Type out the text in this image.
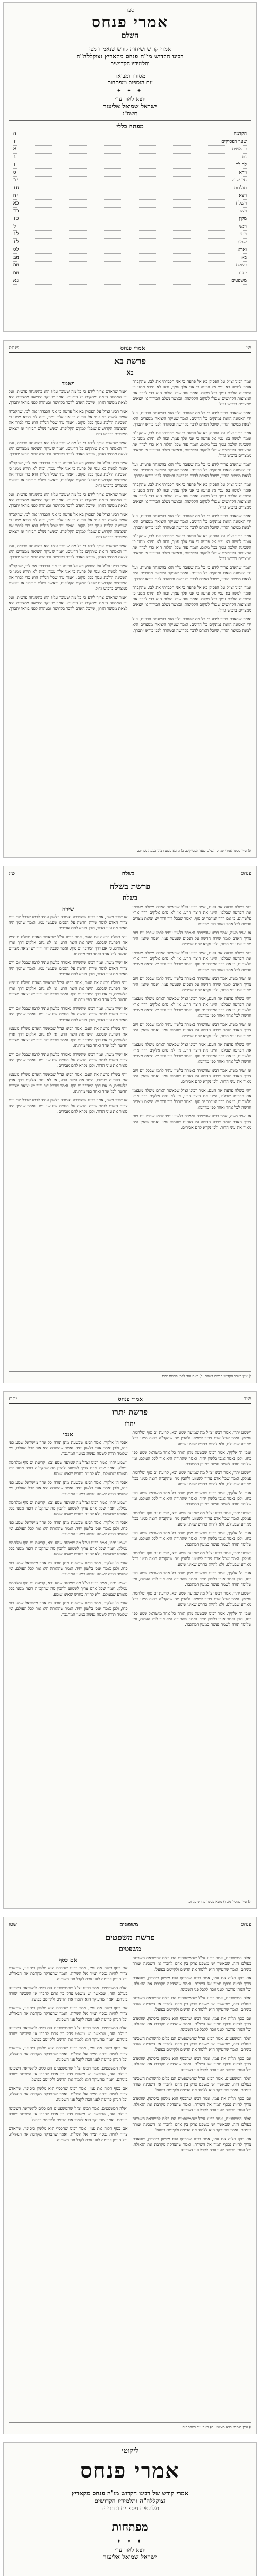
ספר
אמרי פנחס
השלם
אמרי קודש ושיחות קודש שנאמרו מפי
רבינו הקדוש מו"ה פנחס מקאריץ זצוקללה"ה
ותלמידיו הקדושים
מסודר ומבואר
עם הוספות ומפתחות
✦ ✦ ✦
יוצא לאור ע"י
ישראל שמואל אליעזר
תשס"ג
מפתח כללי
הקדמה
ה
שער הפסוקים
ז
בראשית
א
נח
ג
לך לך
ו
וירא
ט
חיי שרה
יב
תולדות
טו
ויצא
יח
וישלח
כא
וישב
כד
מקץ
כז
ויגש
ל
ויחי
לג
שמות
לו
וארא
לט
בא
מב
בשלח
מה
יתרו
מח
משפטים
נא
שי
אמרי פנחס
פנחס
פרשת בא
בא

אמר רבינו זצ"ל על הפסוק בא אל פרעה כי אני הכבדתי את לבו, שהקב"ה אומר למשה בא עמי אל פרעה כי אני אלך עמך, ובזה לא תירא ממנו כי השכינה הולכת עמך בכל מקום. ואמר עוד שכל הגלות הוא כדי לברר את הניצוצות הקדושים שנפלו למקום הקליפות, וכאשר נשלם הבירור אז יוצאים ממצרים ברכוש גדול.

ואמר שהאדם צריך לידע כי כל מה שעובר עליו הוא בהשגחה פרטית, ועל ידי האמונה הזאת נמתקים כל הדינים. ואמר שעיקר היציאה ממצרים היא לצאת ממיצר הגרון, שיוכל האדם לדבר בקדושה ובטהרה לפני בוראו יתברך.

אמר רבינו זצ"ל על הפסוק בא אל פרעה כי אני הכבדתי את לבו, שהקב"ה אומר למשה בא עמי אל פרעה כי אני אלך עמך, ובזה לא תירא ממנו כי השכינה הולכת עמך בכל מקום. ואמר עוד שכל הגלות הוא כדי לברר את הניצוצות הקדושים שנפלו למקום הקליפות, וכאשר נשלם הבירור אז יוצאים ממצרים ברכוש גדול.

ואמר שהאדם צריך לידע כי כל מה שעובר עליו הוא בהשגחה פרטית, ועל ידי האמונה הזאת נמתקים כל הדינים. ואמר שעיקר היציאה ממצרים היא לצאת ממיצר הגרון, שיוכל האדם לדבר בקדושה ובטהרה לפני בוראו יתברך.

אמר רבינו זצ"ל על הפסוק בא אל פרעה כי אני הכבדתי את לבו, שהקב"ה אומר למשה בא עמי אל פרעה כי אני אלך עמך, ובזה לא תירא ממנו כי השכינה הולכת עמך בכל מקום. ואמר עוד שכל הגלות הוא כדי לברר את הניצוצות הקדושים שנפלו למקום הקליפות, וכאשר נשלם הבירור אז יוצאים ממצרים ברכוש גדול.

ואמר שהאדם צריך לידע כי כל מה שעובר עליו הוא בהשגחה פרטית, ועל ידי האמונה הזאת נמתקים כל הדינים. ואמר שעיקר היציאה ממצרים היא לצאת ממיצר הגרון, שיוכל האדם לדבר בקדושה ובטהרה לפני בוראו יתברך.

אמר רבינו זצ"ל על הפסוק בא אל פרעה כי אני הכבדתי את לבו, שהקב"ה אומר למשה בא עמי אל פרעה כי אני אלך עמך, ובזה לא תירא ממנו כי השכינה הולכת עמך בכל מקום. ואמר עוד שכל הגלות הוא כדי לברר את הניצוצות הקדושים שנפלו למקום הקליפות, וכאשר נשלם הבירור אז יוצאים ממצרים ברכוש גדול.

ואמר שהאדם צריך לידע כי כל מה שעובר עליו הוא בהשגחה פרטית, ועל ידי האמונה הזאת נמתקים כל הדינים. ואמר שעיקר היציאה ממצרים היא לצאת ממיצר הגרון, שיוכל האדם לדבר בקדושה ובטהרה לפני בוראו יתברך.

אמר רבינו זצ"ל על הפסוק בא אל פרעה כי אני הכבדתי את לבו, שהקב"ה אומר למשה בא עמי אל פרעה כי אני אלך עמך, ובזה לא תירא ממנו כי השכינה הולכת עמך בכל מקום. ואמר עוד שכל הגלות הוא כדי לברר את הניצוצות הקדושים שנפלו למקום הקליפות, וכאשר נשלם הבירור אז יוצאים ממצרים ברכוש גדול.

ואמר שהאדם צריך לידע כי כל מה שעובר עליו הוא בהשגחה פרטית, ועל ידי האמונה הזאת נמתקים כל הדינים. ואמר שעיקר היציאה ממצרים היא לצאת ממיצר הגרון, שיוכל האדם לדבר בקדושה ובטהרה לפני בוראו יתברך.

ויאמר

ואמר שהאדם צריך לידע כי כל מה שעובר עליו הוא בהשגחה פרטית, ועל ידי האמונה הזאת נמתקים כל הדינים. ואמר שעיקר היציאה ממצרים היא לצאת ממיצר הגרון, שיוכל האדם לדבר בקדושה ובטהרה לפני בוראו יתברך.

אמר רבינו זצ"ל על הפסוק בא אל פרעה כי אני הכבדתי את לבו, שהקב"ה אומר למשה בא עמי אל פרעה כי אני אלך עמך, ובזה לא תירא ממנו כי השכינה הולכת עמך בכל מקום. ואמר עוד שכל הגלות הוא כדי לברר את הניצוצות הקדושים שנפלו למקום הקליפות, וכאשר נשלם הבירור אז יוצאים ממצרים ברכוש גדול.

ואמר שהאדם צריך לידע כי כל מה שעובר עליו הוא בהשגחה פרטית, ועל ידי האמונה הזאת נמתקים כל הדינים. ואמר שעיקר היציאה ממצרים היא לצאת ממיצר הגרון, שיוכל האדם לדבר בקדושה ובטהרה לפני בוראו יתברך.

אמר רבינו זצ"ל על הפסוק בא אל פרעה כי אני הכבדתי את לבו, שהקב"ה אומר למשה בא עמי אל פרעה כי אני אלך עמך, ובזה לא תירא ממנו כי השכינה הולכת עמך בכל מקום. ואמר עוד שכל הגלות הוא כדי לברר את הניצוצות הקדושים שנפלו למקום הקליפות, וכאשר נשלם הבירור אז יוצאים ממצרים ברכוש גדול.

ואמר שהאדם צריך לידע כי כל מה שעובר עליו הוא בהשגחה פרטית, ועל ידי האמונה הזאת נמתקים כל הדינים. ואמר שעיקר היציאה ממצרים היא לצאת ממיצר הגרון, שיוכל האדם לדבר בקדושה ובטהרה לפני בוראו יתברך.

אמר רבינו זצ"ל על הפסוק בא אל פרעה כי אני הכבדתי את לבו, שהקב"ה אומר למשה בא עמי אל פרעה כי אני אלך עמך, ובזה לא תירא ממנו כי השכינה הולכת עמך בכל מקום. ואמר עוד שכל הגלות הוא כדי לברר את הניצוצות הקדושים שנפלו למקום הקליפות, וכאשר נשלם הבירור אז יוצאים ממצרים ברכוש גדול.

ואמר שהאדם צריך לידע כי כל מה שעובר עליו הוא בהשגחה פרטית, ועל ידי האמונה הזאת נמתקים כל הדינים. ואמר שעיקר היציאה ממצרים היא לצאת ממיצר הגרון, שיוכל האדם לדבר בקדושה ובטהרה לפני בוראו יתברך.

אמר רבינו זצ"ל על הפסוק בא אל פרעה כי אני הכבדתי את לבו, שהקב"ה אומר למשה בא עמי אל פרעה כי אני אלך עמך, ובזה לא תירא ממנו כי השכינה הולכת עמך בכל מקום. ואמר עוד שכל הגלות הוא כדי לברר את הניצוצות הקדושים שנפלו למקום הקליפות, וכאשר נשלם הבירור אז יוצאים ממצרים ברכוש גדול.

ואמר שהאדם צריך לידע כי כל מה שעובר עליו הוא בהשגחה פרטית, ועל ידי האמונה הזאת נמתקים כל הדינים. ואמר שעיקר היציאה ממצרים היא לצאת ממיצר הגרון, שיוכל האדם לדבר בקדושה ובטהרה לפני בוראו יתברך.

א) עיין בספר אמרי פנחס השלם שער הפסוקים. ב) מובא בשם רבינו בכמה ספרים.
פנחס
בשלח
שיג
פרשת בשלח
בשלח

ויהי בשלח פרעה את העם, אמר רבינו זצ"ל שכאשר האדם משלח מעצמו את הפרעה שבלבו, היינו את היצר הרע, אז לא נחם אלקים דרך ארץ פלשתים, כי אם דרך המדבר ים סוף. ואמר שבכל דור ודור יש יציאת מצרים חדשה לכל אחד ואחד כפי מדרגתו.

אז ישיר משה, אמר רבינו שהשירה נאמרה בלשון עתיד לרמז שבכל יום ויום צריך האדם לומר שירה חדשה על הנסים שנעשו עמו. ואמר שהמן היה מאיר את עיני הדור, ולכן נקרא לחם אבירים.

ויהי בשלח פרעה את העם, אמר רבינו זצ"ל שכאשר האדם משלח מעצמו את הפרעה שבלבו, היינו את היצר הרע, אז לא נחם אלקים דרך ארץ פלשתים, כי אם דרך המדבר ים סוף. ואמר שבכל דור ודור יש יציאת מצרים חדשה לכל אחד ואחד כפי מדרגתו.

אז ישיר משה, אמר רבינו שהשירה נאמרה בלשון עתיד לרמז שבכל יום ויום צריך האדם לומר שירה חדשה על הנסים שנעשו עמו. ואמר שהמן היה מאיר את עיני הדור, ולכן נקרא לחם אבירים.

ויהי בשלח פרעה את העם, אמר רבינו זצ"ל שכאשר האדם משלח מעצמו את הפרעה שבלבו, היינו את היצר הרע, אז לא נחם אלקים דרך ארץ פלשתים, כי אם דרך המדבר ים סוף. ואמר שבכל דור ודור יש יציאת מצרים חדשה לכל אחד ואחד כפי מדרגתו.

אז ישיר משה, אמר רבינו שהשירה נאמרה בלשון עתיד לרמז שבכל יום ויום צריך האדם לומר שירה חדשה על הנסים שנעשו עמו. ואמר שהמן היה מאיר את עיני הדור, ולכן נקרא לחם אבירים.

ויהי בשלח פרעה את העם, אמר רבינו זצ"ל שכאשר האדם משלח מעצמו את הפרעה שבלבו, היינו את היצר הרע, אז לא נחם אלקים דרך ארץ פלשתים, כי אם דרך המדבר ים סוף. ואמר שבכל דור ודור יש יציאת מצרים חדשה לכל אחד ואחד כפי מדרגתו.

אז ישיר משה, אמר רבינו שהשירה נאמרה בלשון עתיד לרמז שבכל יום ויום צריך האדם לומר שירה חדשה על הנסים שנעשו עמו. ואמר שהמן היה מאיר את עיני הדור, ולכן נקרא לחם אבירים.

ויהי בשלח פרעה את העם, אמר רבינו זצ"ל שכאשר האדם משלח מעצמו את הפרעה שבלבו, היינו את היצר הרע, אז לא נחם אלקים דרך ארץ פלשתים, כי אם דרך המדבר ים סוף. ואמר שבכל דור ודור יש יציאת מצרים חדשה לכל אחד ואחד כפי מדרגתו.

אז ישיר משה, אמר רבינו שהשירה נאמרה בלשון עתיד לרמז שבכל יום ויום צריך האדם לומר שירה חדשה על הנסים שנעשו עמו. ואמר שהמן היה מאיר את עיני הדור, ולכן נקרא לחם אבירים.

שירה

אז ישיר משה, אמר רבינו שהשירה נאמרה בלשון עתיד לרמז שבכל יום ויום צריך האדם לומר שירה חדשה על הנסים שנעשו עמו. ואמר שהמן היה מאיר את עיני הדור, ולכן נקרא לחם אבירים.

ויהי בשלח פרעה את העם, אמר רבינו זצ"ל שכאשר האדם משלח מעצמו את הפרעה שבלבו, היינו את היצר הרע, אז לא נחם אלקים דרך ארץ פלשתים, כי אם דרך המדבר ים סוף. ואמר שבכל דור ודור יש יציאת מצרים חדשה לכל אחד ואחד כפי מדרגתו.

אז ישיר משה, אמר רבינו שהשירה נאמרה בלשון עתיד לרמז שבכל יום ויום צריך האדם לומר שירה חדשה על הנסים שנעשו עמו. ואמר שהמן היה מאיר את עיני הדור, ולכן נקרא לחם אבירים.

ויהי בשלח פרעה את העם, אמר רבינו זצ"ל שכאשר האדם משלח מעצמו את הפרעה שבלבו, היינו את היצר הרע, אז לא נחם אלקים דרך ארץ פלשתים, כי אם דרך המדבר ים סוף. ואמר שבכל דור ודור יש יציאת מצרים חדשה לכל אחד ואחד כפי מדרגתו.

אז ישיר משה, אמר רבינו שהשירה נאמרה בלשון עתיד לרמז שבכל יום ויום צריך האדם לומר שירה חדשה על הנסים שנעשו עמו. ואמר שהמן היה מאיר את עיני הדור, ולכן נקרא לחם אבירים.

ויהי בשלח פרעה את העם, אמר רבינו זצ"ל שכאשר האדם משלח מעצמו את הפרעה שבלבו, היינו את היצר הרע, אז לא נחם אלקים דרך ארץ פלשתים, כי אם דרך המדבר ים סוף. ואמר שבכל דור ודור יש יציאת מצרים חדשה לכל אחד ואחד כפי מדרגתו.

אז ישיר משה, אמר רבינו שהשירה נאמרה בלשון עתיד לרמז שבכל יום ויום צריך האדם לומר שירה חדשה על הנסים שנעשו עמו. ואמר שהמן היה מאיר את עיני הדור, ולכן נקרא לחם אבירים.

ויהי בשלח פרעה את העם, אמר רבינו זצ"ל שכאשר האדם משלח מעצמו את הפרעה שבלבו, היינו את היצר הרע, אז לא נחם אלקים דרך ארץ פלשתים, כי אם דרך המדבר ים סוף. ואמר שבכל דור ודור יש יציאת מצרים חדשה לכל אחד ואחד כפי מדרגתו.

אז ישיר משה, אמר רבינו שהשירה נאמרה בלשון עתיד לרמז שבכל יום ויום צריך האדם לומר שירה חדשה על הנסים שנעשו עמו. ואמר שהמן היה מאיר את עיני הדור, ולכן נקרא לחם אבירים.

ג) עיין בזוהר הקדוש פרשת בשלח. ד) ראה עוד לקמן פרשת יתרו.
שיד
אמרי פנחס
יתרו
פרשת יתרו
יתרו

וישמע יתרו, אמר רבינו זצ"ל מה שמועה שמע ובא, קריעת ים סוף ומלחמת עמלק. ואמר שכל אדם צריך לשמוע ולהבין מה שהקב"ה רוצה ממנו בכל מאורע שבעולם, ולא להיות כחרש שאינו שומע.

אנכי ה' אלקיך, אמר רבינו שבשעת מתן תורה כל אחד מישראל שמע כפי כחו, ולכן נאמר אנכי בלשון יחיד. ואמר שהתורה היא אור לכל העולם, ומי שלומד תורה לשמה נעשה כמעין המתגבר.

וישמע יתרו, אמר רבינו זצ"ל מה שמועה שמע ובא, קריעת ים סוף ומלחמת עמלק. ואמר שכל אדם צריך לשמוע ולהבין מה שהקב"ה רוצה ממנו בכל מאורע שבעולם, ולא להיות כחרש שאינו שומע.

אנכי ה' אלקיך, אמר רבינו שבשעת מתן תורה כל אחד מישראל שמע כפי כחו, ולכן נאמר אנכי בלשון יחיד. ואמר שהתורה היא אור לכל העולם, ומי שלומד תורה לשמה נעשה כמעין המתגבר.

וישמע יתרו, אמר רבינו זצ"ל מה שמועה שמע ובא, קריעת ים סוף ומלחמת עמלק. ואמר שכל אדם צריך לשמוע ולהבין מה שהקב"ה רוצה ממנו בכל מאורע שבעולם, ולא להיות כחרש שאינו שומע.

אנכי ה' אלקיך, אמר רבינו שבשעת מתן תורה כל אחד מישראל שמע כפי כחו, ולכן נאמר אנכי בלשון יחיד. ואמר שהתורה היא אור לכל העולם, ומי שלומד תורה לשמה נעשה כמעין המתגבר.

וישמע יתרו, אמר רבינו זצ"ל מה שמועה שמע ובא, קריעת ים סוף ומלחמת עמלק. ואמר שכל אדם צריך לשמוע ולהבין מה שהקב"ה רוצה ממנו בכל מאורע שבעולם, ולא להיות כחרש שאינו שומע.

אנכי ה' אלקיך, אמר רבינו שבשעת מתן תורה כל אחד מישראל שמע כפי כחו, ולכן נאמר אנכי בלשון יחיד. ואמר שהתורה היא אור לכל העולם, ומי שלומד תורה לשמה נעשה כמעין המתגבר.

וישמע יתרו, אמר רבינו זצ"ל מה שמועה שמע ובא, קריעת ים סוף ומלחמת עמלק. ואמר שכל אדם צריך לשמוע ולהבין מה שהקב"ה רוצה ממנו בכל מאורע שבעולם, ולא להיות כחרש שאינו שומע.

אנכי ה' אלקיך, אמר רבינו שבשעת מתן תורה כל אחד מישראל שמע כפי כחו, ולכן נאמר אנכי בלשון יחיד. ואמר שהתורה היא אור לכל העולם, ומי שלומד תורה לשמה נעשה כמעין המתגבר.

אנכי

אנכי ה' אלקיך, אמר רבינו שבשעת מתן תורה כל אחד מישראל שמע כפי כחו, ולכן נאמר אנכי בלשון יחיד. ואמר שהתורה היא אור לכל העולם, ומי שלומד תורה לשמה נעשה כמעין המתגבר.

וישמע יתרו, אמר רבינו זצ"ל מה שמועה שמע ובא, קריעת ים סוף ומלחמת עמלק. ואמר שכל אדם צריך לשמוע ולהבין מה שהקב"ה רוצה ממנו בכל מאורע שבעולם, ולא להיות כחרש שאינו שומע.

אנכי ה' אלקיך, אמר רבינו שבשעת מתן תורה כל אחד מישראל שמע כפי כחו, ולכן נאמר אנכי בלשון יחיד. ואמר שהתורה היא אור לכל העולם, ומי שלומד תורה לשמה נעשה כמעין המתגבר.

וישמע יתרו, אמר רבינו זצ"ל מה שמועה שמע ובא, קריעת ים סוף ומלחמת עמלק. ואמר שכל אדם צריך לשמוע ולהבין מה שהקב"ה רוצה ממנו בכל מאורע שבעולם, ולא להיות כחרש שאינו שומע.

אנכי ה' אלקיך, אמר רבינו שבשעת מתן תורה כל אחד מישראל שמע כפי כחו, ולכן נאמר אנכי בלשון יחיד. ואמר שהתורה היא אור לכל העולם, ומי שלומד תורה לשמה נעשה כמעין המתגבר.

וישמע יתרו, אמר רבינו זצ"ל מה שמועה שמע ובא, קריעת ים סוף ומלחמת עמלק. ואמר שכל אדם צריך לשמוע ולהבין מה שהקב"ה רוצה ממנו בכל מאורע שבעולם, ולא להיות כחרש שאינו שומע.

אנכי ה' אלקיך, אמר רבינו שבשעת מתן תורה כל אחד מישראל שמע כפי כחו, ולכן נאמר אנכי בלשון יחיד. ואמר שהתורה היא אור לכל העולם, ומי שלומד תורה לשמה נעשה כמעין המתגבר.

וישמע יתרו, אמר רבינו זצ"ל מה שמועה שמע ובא, קריעת ים סוף ומלחמת עמלק. ואמר שכל אדם צריך לשמוע ולהבין מה שהקב"ה רוצה ממנו בכל מאורע שבעולם, ולא להיות כחרש שאינו שומע.

אנכי ה' אלקיך, אמר רבינו שבשעת מתן תורה כל אחד מישראל שמע כפי כחו, ולכן נאמר אנכי בלשון יחיד. ואמר שהתורה היא אור לכל העולם, ומי שלומד תורה לשמה נעשה כמעין המתגבר.

ה) עיין במכילתא. ו) מובא בספר מדרש פנחס.
פנחס
משפטים
שטו
פרשת משפטים
משפטים

ואלה המשפטים, אמר רבינו זצ"ל שהמשפטים הם כלים להשראת השכינה בעולם הזה, שכאשר יש משפט צדק בין אדם לחברו אז השכינה שורה ביניהם. ואמר שהעיקר הוא ללמוד את הדינים ולקיימם בפועל.

אם כסף תלוה את עמי, אמר רבינו שהכסף הוא מלשון כיסופין, שהאדם צריך להיות נכסף תמיד אל השי"ת. ואמר שהצדקה מקרבת את הגאולה, וכל הנותן פרוטה לעני זוכה לקבל פני השכינה.

ואלה המשפטים, אמר רבינו זצ"ל שהמשפטים הם כלים להשראת השכינה בעולם הזה, שכאשר יש משפט צדק בין אדם לחברו אז השכינה שורה ביניהם. ואמר שהעיקר הוא ללמוד את הדינים ולקיימם בפועל.

אם כסף תלוה את עמי, אמר רבינו שהכסף הוא מלשון כיסופין, שהאדם צריך להיות נכסף תמיד אל השי"ת. ואמר שהצדקה מקרבת את הגאולה, וכל הנותן פרוטה לעני זוכה לקבל פני השכינה.

ואלה המשפטים, אמר רבינו זצ"ל שהמשפטים הם כלים להשראת השכינה בעולם הזה, שכאשר יש משפט צדק בין אדם לחברו אז השכינה שורה ביניהם. ואמר שהעיקר הוא ללמוד את הדינים ולקיימם בפועל.

אם כסף תלוה את עמי, אמר רבינו שהכסף הוא מלשון כיסופין, שהאדם צריך להיות נכסף תמיד אל השי"ת. ואמר שהצדקה מקרבת את הגאולה, וכל הנותן פרוטה לעני זוכה לקבל פני השכינה.

ואלה המשפטים, אמר רבינו זצ"ל שהמשפטים הם כלים להשראת השכינה בעולם הזה, שכאשר יש משפט צדק בין אדם לחברו אז השכינה שורה ביניהם. ואמר שהעיקר הוא ללמוד את הדינים ולקיימם בפועל.

אם כסף תלוה את עמי, אמר רבינו שהכסף הוא מלשון כיסופין, שהאדם צריך להיות נכסף תמיד אל השי"ת. ואמר שהצדקה מקרבת את הגאולה, וכל הנותן פרוטה לעני זוכה לקבל פני השכינה.

ואלה המשפטים, אמר רבינו זצ"ל שהמשפטים הם כלים להשראת השכינה בעולם הזה, שכאשר יש משפט צדק בין אדם לחברו אז השכינה שורה ביניהם. ואמר שהעיקר הוא ללמוד את הדינים ולקיימם בפועל.

אם כסף תלוה את עמי, אמר רבינו שהכסף הוא מלשון כיסופין, שהאדם צריך להיות נכסף תמיד אל השי"ת. ואמר שהצדקה מקרבת את הגאולה, וכל הנותן פרוטה לעני זוכה לקבל פני השכינה.

אם כסף

אם כסף תלוה את עמי, אמר רבינו שהכסף הוא מלשון כיסופין, שהאדם צריך להיות נכסף תמיד אל השי"ת. ואמר שהצדקה מקרבת את הגאולה, וכל הנותן פרוטה לעני זוכה לקבל פני השכינה.

ואלה המשפטים, אמר רבינו זצ"ל שהמשפטים הם כלים להשראת השכינה בעולם הזה, שכאשר יש משפט צדק בין אדם לחברו אז השכינה שורה ביניהם. ואמר שהעיקר הוא ללמוד את הדינים ולקיימם בפועל.

אם כסף תלוה את עמי, אמר רבינו שהכסף הוא מלשון כיסופין, שהאדם צריך להיות נכסף תמיד אל השי"ת. ואמר שהצדקה מקרבת את הגאולה, וכל הנותן פרוטה לעני זוכה לקבל פני השכינה.

ואלה המשפטים, אמר רבינו זצ"ל שהמשפטים הם כלים להשראת השכינה בעולם הזה, שכאשר יש משפט צדק בין אדם לחברו אז השכינה שורה ביניהם. ואמר שהעיקר הוא ללמוד את הדינים ולקיימם בפועל.

אם כסף תלוה את עמי, אמר רבינו שהכסף הוא מלשון כיסופין, שהאדם צריך להיות נכסף תמיד אל השי"ת. ואמר שהצדקה מקרבת את הגאולה, וכל הנותן פרוטה לעני זוכה לקבל פני השכינה.

ואלה המשפטים, אמר רבינו זצ"ל שהמשפטים הם כלים להשראת השכינה בעולם הזה, שכאשר יש משפט צדק בין אדם לחברו אז השכינה שורה ביניהם. ואמר שהעיקר הוא ללמוד את הדינים ולקיימם בפועל.

אם כסף תלוה את עמי, אמר רבינו שהכסף הוא מלשון כיסופין, שהאדם צריך להיות נכסף תמיד אל השי"ת. ואמר שהצדקה מקרבת את הגאולה, וכל הנותן פרוטה לעני זוכה לקבל פני השכינה.

ואלה המשפטים, אמר רבינו זצ"ל שהמשפטים הם כלים להשראת השכינה בעולם הזה, שכאשר יש משפט צדק בין אדם לחברו אז השכינה שורה ביניהם. ואמר שהעיקר הוא ללמוד את הדינים ולקיימם בפועל.

אם כסף תלוה את עמי, אמר רבינו שהכסף הוא מלשון כיסופין, שהאדם צריך להיות נכסף תמיד אל השי"ת. ואמר שהצדקה מקרבת את הגאולה, וכל הנותן פרוטה לעני זוכה לקבל פני השכינה.

ז) עיין בגמרא בבא מציעא. ח) ראה עוד במפתחות.
ליקוטי
אמרי פנחס
אמרי קודש של רבינו הקדוש מו"ה פנחס מקאריץ
זצוקללה"ה ותלמידיו הקדושים
מלוקטים מספרים וכתבי יד
מפתחות
✦ ✦ ✦
יוצא לאור ע"י
ישראל שמואל אליעזר
